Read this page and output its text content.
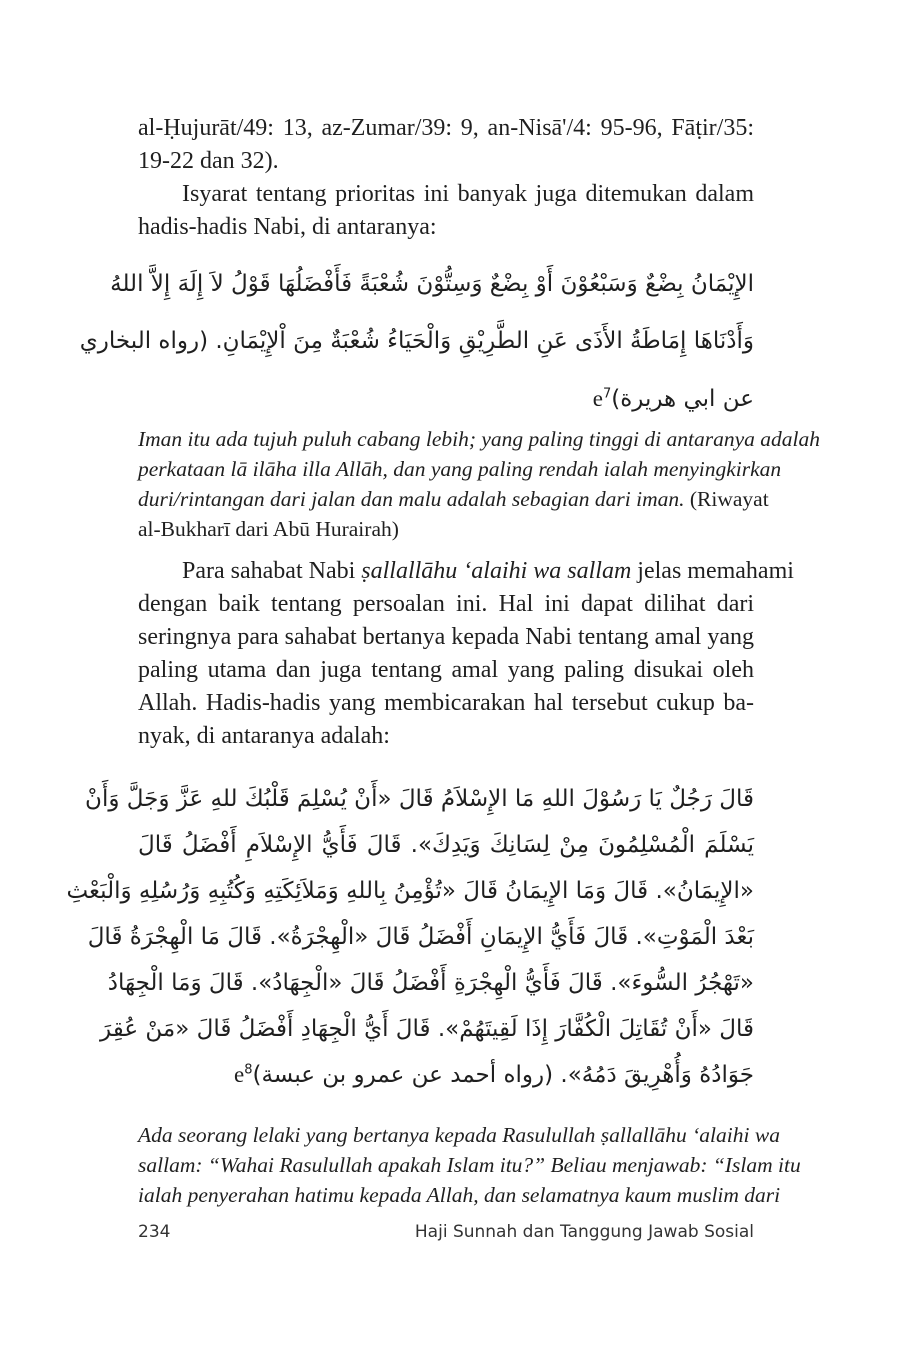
al-Ḥujurāt/49: 13, az-Zumar/39: 9, an-Nisā'/4: 95-96, Fāṭir/35:
19-22 dan 32).
Isyarat tentang prioritas ini banyak juga ditemukan dalam
hadis-hadis Nabi, di antaranya:
الإِيْمَانُ بِضْعٌ وَسَبْعُوْنَ أَوْ بِضْعٌ وَسِتُّوْنَ شُعْبَةً فَأَفْضَلُهَا قَوْلُ لاَ إِلَهَ إِلاَّ اللهُ
وَأَدْنَاهَا إِمَاطَةُ الأَذَى عَنِ الطَّرِيْقِ وَالْحَيَاءُ شُعْبَةٌ مِنَ اْلإِيْمَانِ. (رواه البخاري
عن ابي هريرة)e$^7$
Iman itu ada tujuh puluh cabang lebih; yang paling tinggi di antaranya adalah
perkataan lā ilāha illa Allāh, dan yang paling rendah ialah menyingkirkan
duri/rintangan dari jalan dan malu adalah sebagian dari iman. (Riwayat
al-Bukharī dari Abū Hurairah)
Para sahabat Nabi ṣallallāhu ‘alaihi wa sallam jelas memahami
dengan baik tentang persoalan ini. Hal ini dapat dilihat dari
seringnya para sahabat bertanya kepada Nabi tentang amal yang
paling utama dan juga tentang amal yang paling disukai oleh
Allah. Hadis-hadis yang membicarakan hal tersebut cukup ba-
nyak, di antaranya adalah:
قَالَ رَجُلٌ يَا رَسُوْلَ اللهِ مَا الإِسْلاَمُ قَالَ «أَنْ يُسْلِمَ قَلْبُكَ للهِ عَزَّ وَجَلَّ وَأَنْ
يَسْلَمَ الْمُسْلِمُونَ مِنْ لِسَانِكَ وَيَدِكَ». قَالَ فَأَيُّ الإِسْلاَمِ أَفْضَلُ قَالَ
«الإِيمَانُ». قَالَ وَمَا الإِيمَانُ قَالَ «تُؤْمِنُ بِاللهِ وَمَلاَئِكَتِهِ وَكُتُبِهِ وَرُسُلِهِ وَالْبَعْثِ
بَعْدَ الْمَوْتِ». قَالَ فَأَيُّ الإِيمَانِ أَفْضَلُ قَالَ «الْهِجْرَةُ». قَالَ مَا الْهِجْرَةُ قَالَ
«تَهْجُرُ السُّوءَ». قَالَ فَأَيُّ الْهِجْرَةِ أَفْضَلُ قَالَ «الْجِهَادُ». قَالَ وَمَا الْجِهَادُ
قَالَ «أَنْ تُقَاتِلَ الْكُفَّارَ إِذَا لَقِيتَهُمْ». قَالَ أَيُّ الْجِهَادِ أَفْضَلُ قَالَ «مَنْ عُقِرَ
جَوَادُهُ وَأُهْرِيقَ دَمُهُ». (رواه أحمد عن عمرو بن عبسة)e$^8$
Ada seorang lelaki yang bertanya kepada Rasulullah ṣallallāhu ‘alaihi wa
sallam: “Wahai Rasulullah apakah Islam itu?” Beliau menjawab: “Islam itu
ialah penyerahan hatimu kepada Allah, dan selamatnya kaum muslim dari
234	Haji Sunnah dan Tanggung Jawab Sosial
